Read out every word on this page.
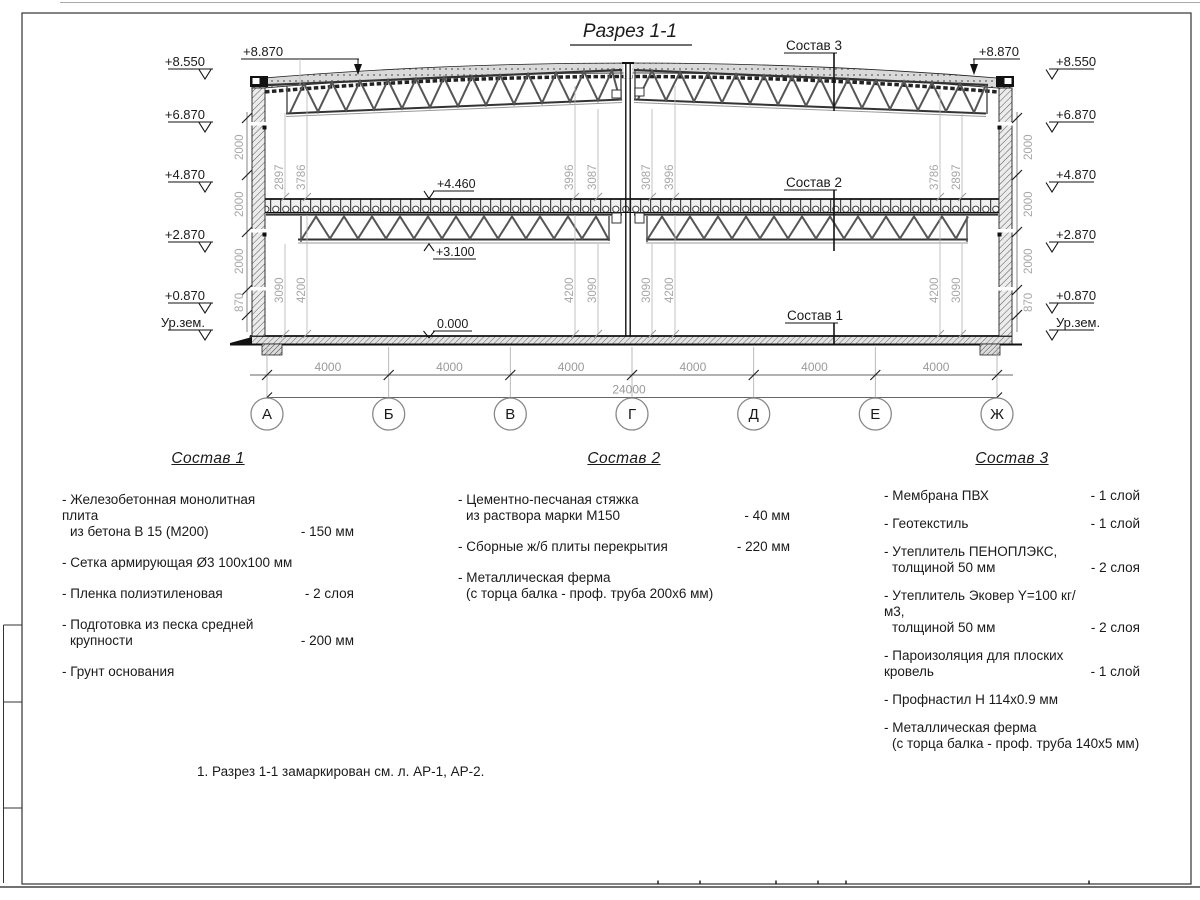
Разрез 1-1
Состав 3
Состав 2
Состав 1
+4.460
+3.100
0.000
+8.870	+8.870
+8.550
+6.870
+4.870
+2.870
+0.870
Ур.зем.
+8.550
+6.870
+4.870
+2.870
+0.870
Ур.зем.
2000
2000
2000
870
2000
2000
2000
870
2897 3786	3996 3087	3087 3996	3786 2897
3090 4200	4200 3090	3090 4200	4200 3090
4000	4000	4000	4000	4000	4000
24000
А	Б	В	Г	Д	Е	Ж
Состав 1
- Железобетонная монолитная плита
из бетона В 15 (М200)	- 150 мм
- Сетка армирующая Ø3 100x100 мм
- Пленка полиэтиленовая	- 2 слоя
- Подготовка из песка средней
крупности	- 200 мм
- Грунт основания
Состав 2
- Цементно-песчаная стяжка
из раствора марки М150	- 40 мм
- Сборные ж/б плиты перекрытия	- 220 мм
- Металлическая ферма
(с торца балка - проф. труба 200x6 мм)
Состав 3
- Мембрана ПВХ	- 1 слой
- Геотекстиль	- 1 слой
- Утеплитель ПЕНОПЛЭКС,
толщиной 50 мм	- 2 слоя
- Утеплитель Эковер Y=100 кг/м3,
толщиной 50 мм	- 2 слоя
- Пароизоляция для плоских кровель	- 1 слой
- Профнастил Н 114x0.9 мм
- Металлическая ферма
(с торца балка - проф. труба 140x5 мм)
1. Разрез 1-1 замаркирован см. л. АР-1, АР-2.
